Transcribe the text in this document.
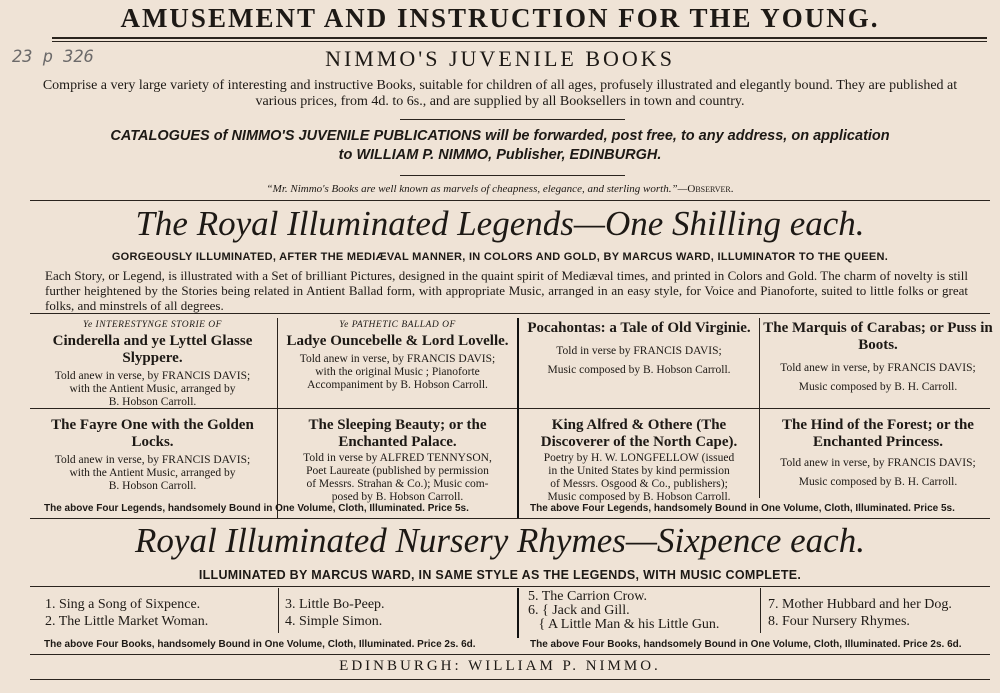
AMUSEMENT AND INSTRUCTION FOR THE YOUNG.
23 p 326	NIMMO'S JUVENILE BOOKS
Comprise a very large variety of interesting and instructive Books, suitable for children of all ages, profusely illustrated and elegantly bound. They are published at various prices, from 4d. to 6s., and are supplied by all Booksellers in town and country.
CATALOGUES of NIMMO'S JUVENILE PUBLICATIONS will be forwarded, post free, to any address, on application
to WILLIAM P. NIMMO, Publisher, EDINBURGH.
“Mr. Nimmo's Books are well known as marvels of cheapness, elegance, and sterling worth.”—Observer.
The Royal Illuminated Legends—One Shilling each.
GORGEOUSLY ILLUMINATED, AFTER THE MEDIÆVAL MANNER, IN COLORS AND GOLD, BY MARCUS WARD, ILLUMINATOR TO THE QUEEN.
Each Story, or Legend, is illustrated with a Set of brilliant Pictures, designed in the quaint spirit of Mediæval times, and printed in Colors and Gold. The charm of novelty is still further heightened by the Stories being related in Antient Ballad form, with appropriate Music, arranged in an easy style, for Voice and Pianoforte, suited to little folks or great folks, and minstrels of all degrees.
Ye INTERESTYNGE STORIE OF
Cinderella and ye Lyttel Glasse Slyppere.
Told anew in verse, by FRANCIS DAVIS;
with the Antient Music, arranged by
B. Hobson Carroll.
Ye PATHETIC BALLAD OF
Ladye Ouncebelle & Lord Lovelle.
Told anew in verse, by FRANCIS DAVIS;
with the original Music ; Pianoforte
Accompaniment by B. Hobson Carroll.
Pocahontas: a Tale of Old Virginie.
Told in verse by FRANCIS DAVIS;
Music composed by B. Hobson Carroll.
The Marquis of Carabas; or Puss in Boots.
Told anew in verse, by FRANCIS DAVIS;
Music composed by B. H. Carroll.
The Fayre One with the Golden Locks.
Told anew in verse, by FRANCIS DAVIS;
with the Antient Music, arranged by
B. Hobson Carroll.
The Sleeping Beauty; or the Enchanted Palace.
Told in verse by ALFRED TENNYSON,
Poet Laureate (published by permission
of Messrs. Strahan & Co.); Music com-
posed by B. Hobson Carroll.
King Alfred & Othere (The Discoverer of the North Cape).
Poetry by H. W. LONGFELLOW (issued
in the United States by kind permission
of Messrs. Osgood & Co., publishers);
Music composed by B. Hobson Carroll.
The Hind of the Forest; or the Enchanted Princess.
Told anew in verse, by FRANCIS DAVIS;
Music composed by B. H. Carroll.
The above Four Legends, handsomely Bound in One Volume, Cloth, Illuminated. Price 5s.	The above Four Legends, handsomely Bound in One Volume, Cloth, Illuminated. Price 5s.
Royal Illuminated Nursery Rhymes—Sixpence each.
ILLUMINATED BY MARCUS WARD, IN SAME STYLE AS THE LEGENDS, WITH MUSIC COMPLETE.
1. Sing a Song of Sixpence.
2. The Little Market Woman.
3. Little Bo-Peep.
4. Simple Simon.
5. The Carrion Crow.
6. { Jack and Gill.
{ A Little Man & his Little Gun.
7. Mother Hubbard and her Dog.
8. Four Nursery Rhymes.
The above Four Books, handsomely Bound in One Volume, Cloth, Illuminated. Price 2s. 6d.	The above Four Books, handsomely Bound in One Volume, Cloth, Illuminated. Price 2s. 6d.
EDINBURGH: WILLIAM P. NIMMO.
